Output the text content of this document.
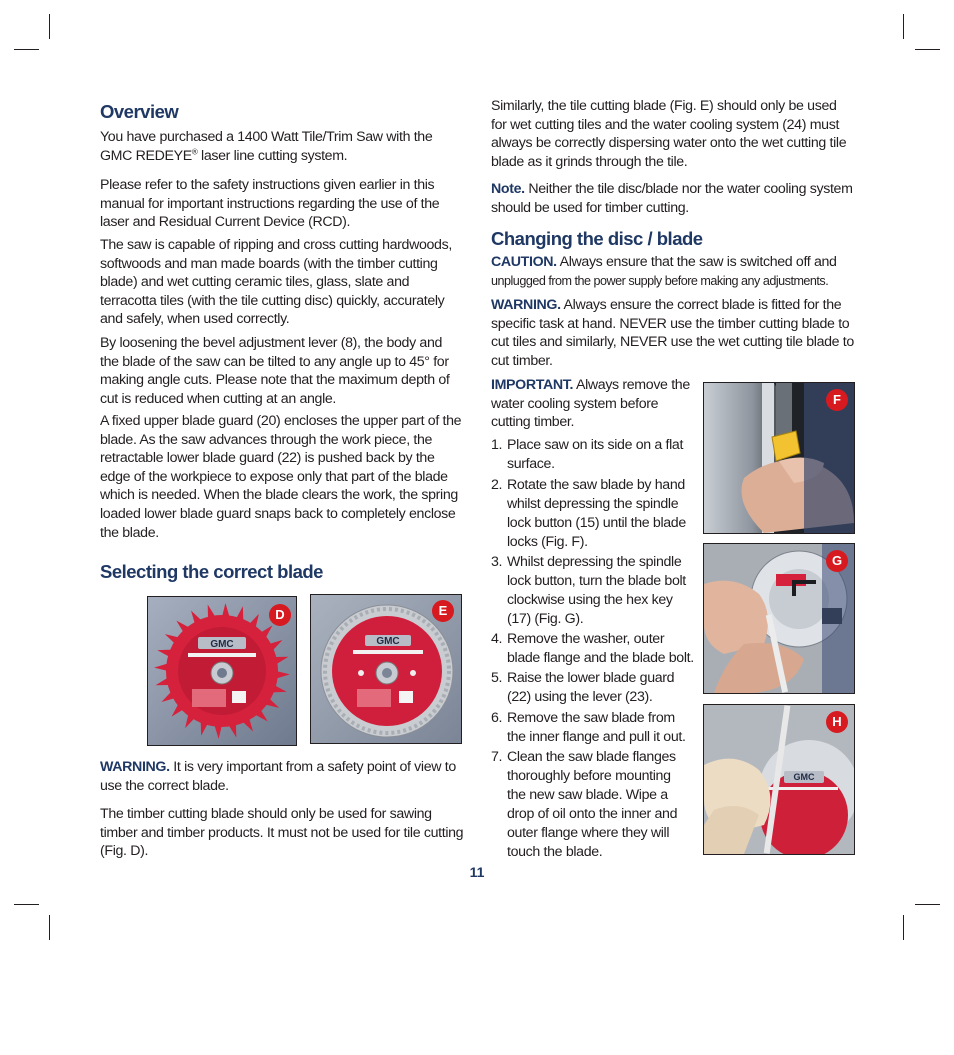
Overview

You have purchased a 1400 Watt Tile/Trim Saw with the GMC REDEYE® laser line cutting system.

Please refer to the safety instructions given earlier in this manual for important instructions regarding the use of the laser and Residual Current Device (RCD).

The saw is capable of ripping and cross cutting hardwoods, softwoods and man made boards (with the timber cutting blade) and wet cutting ceramic tiles, glass, slate and terracotta tiles (with the tile cutting disc) quickly, accurately and safely, when used correctly.

By loosening the bevel adjustment lever (8), the body and the blade of the saw can be tilted to any angle up to 45° for making angle cuts. Please note that the maximum depth of cut is reduced when cutting at an angle.

A fixed upper blade guard (20) encloses the upper part of the blade. As the saw advances through the work piece, the retractable lower blade guard (22) is pushed back by the edge of the workpiece to expose only that part of the blade which is needed. When the blade clears the work, the spring loaded lower blade guard snaps back to completely enclose the blade.

Selecting the correct blade
GMC
D
GMC
E

WARNING. It is very important from a safety point of view to use the correct blade.

The timber cutting blade should only be used for sawing timber and timber products. It must not be used for tile cutting (Fig. D).

Similarly, the tile cutting blade (Fig. E) should only be used for wet cutting tiles and the water cooling system (24) must always be correctly dispersing water onto the wet cutting tile blade as it grinds through the tile.

Note. Neither the tile disc/blade nor the water cooling system should be used for timber cutting.

Changing the disc / blade

CAUTION. Always ensure that the saw is switched off and
unplugged from the power supply before making any adjustments.

WARNING. Always ensure the correct blade is fitted for the specific task at hand. NEVER use the timber cutting blade to cut tiles and similarly, NEVER use the wet cutting tile blade to cut timber.

IMPORTANT. Always remove the water cooling system before cutting timber.

1. Place saw on its side on a flat surface.
2. Rotate the saw blade by hand whilst depressing the spindle lock button (15) until the blade locks (Fig. F).
3. Whilst depressing the spindle lock button, turn the blade bolt clockwise using the hex key (17) (Fig. G).
4. Remove the washer, outer blade flange and the blade bolt.
5. Raise the lower blade guard (22) using the lever (23).
6. Remove the saw blade from the inner flange and pull it out.
7. Clean the saw blade flanges thoroughly before mounting the new saw blade. Wipe a drop of oil onto the inner and outer flange where they will touch the blade.
F
G
GMC
H
11
